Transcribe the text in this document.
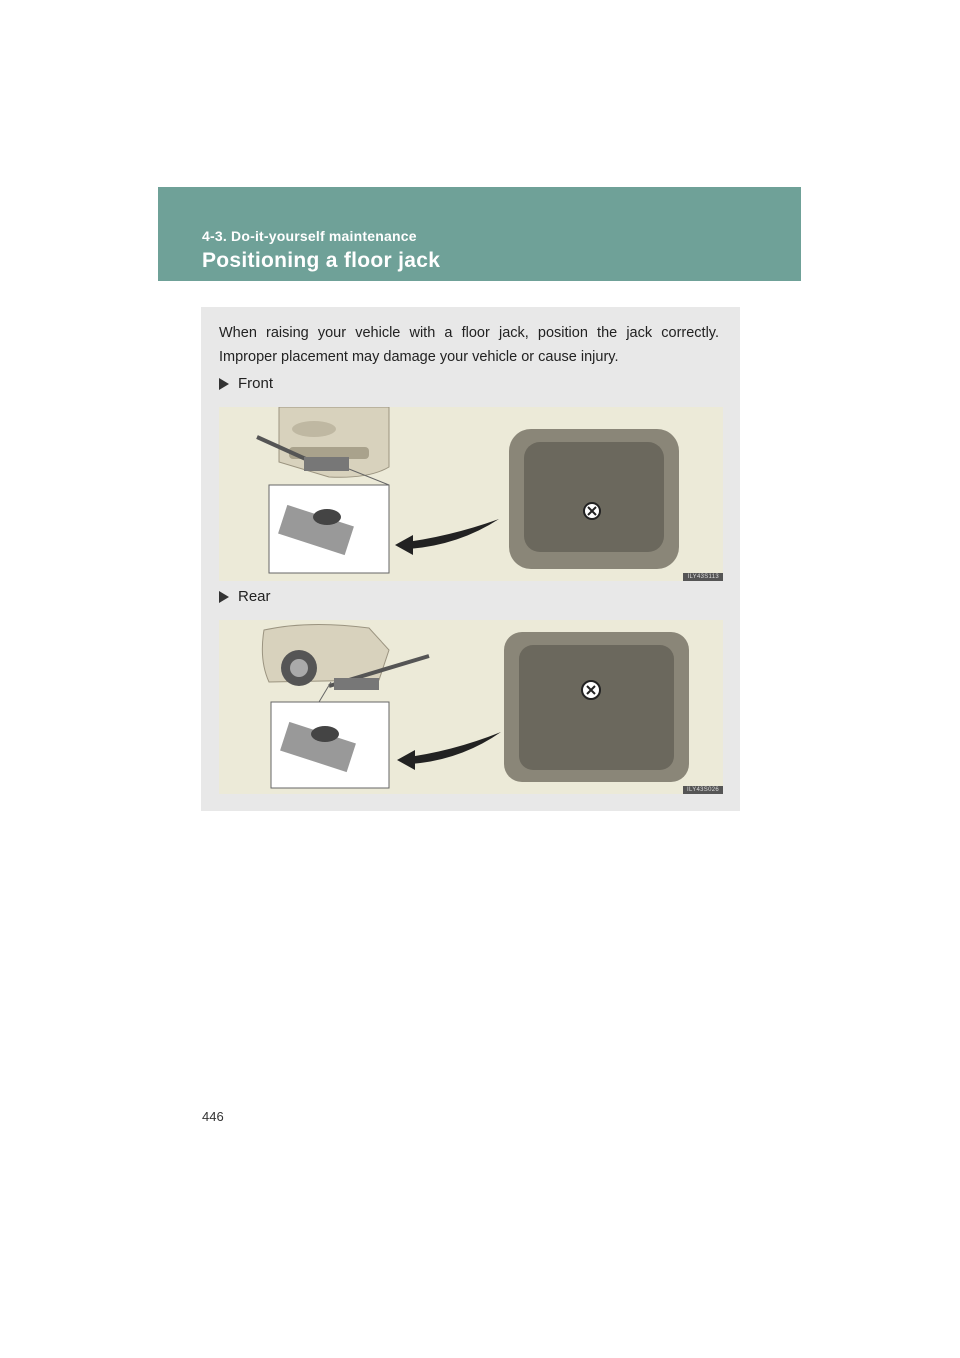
4-3. Do-it-yourself maintenance
Positioning a floor jack

When raising your vehicle with a floor jack, position the jack correctly. Improper placement may damage your vehicle or cause injury.

Front
ILY43S113
Rear
ILY43S026
446
